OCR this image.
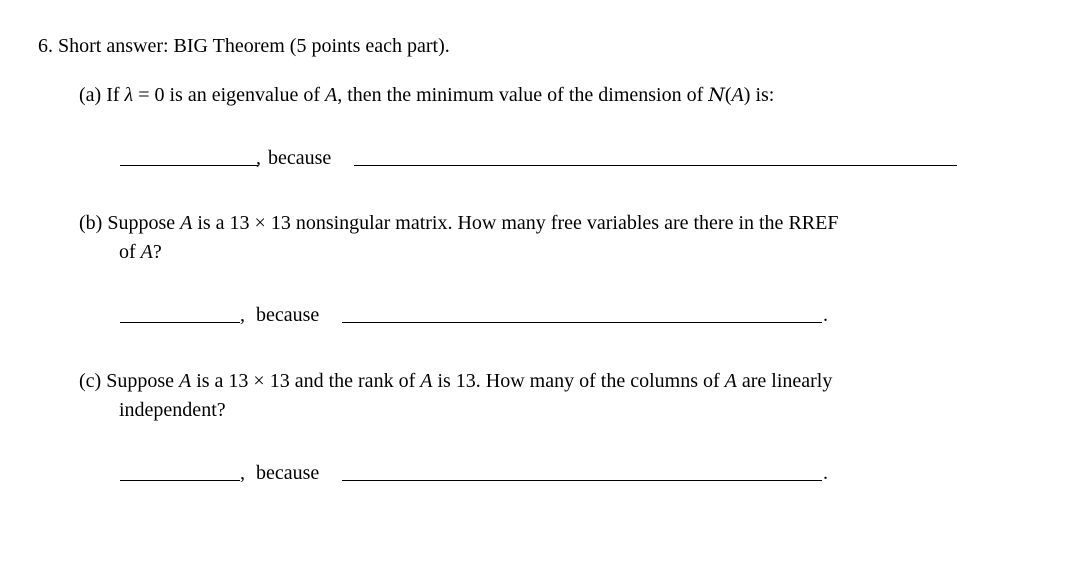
6. Short answer: BIG Theorem (5 points each part).
(a) If λ = 0 is an eigenvalue of A, then the minimum value of the dimension of N(A) is:
, because
(b) Suppose A is a 13 × 13 nonsingular matrix. How many free variables are there in the RREF
of A?
, because	.
(c) Suppose A is a 13 × 13 and the rank of A is 13. How many of the columns of A are linearly
independent?
, because	.
